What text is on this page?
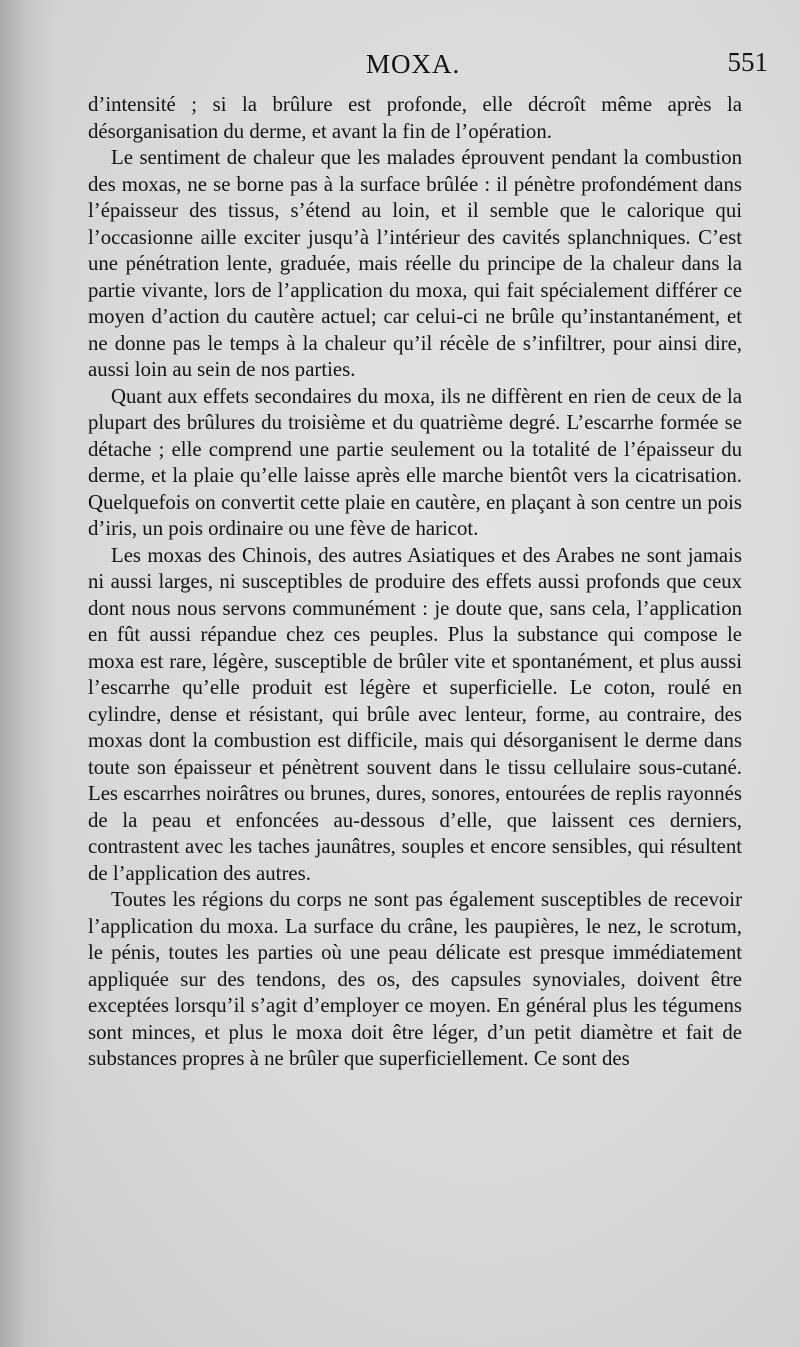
MOXA.	551

d’intensité ; si la brûlure est profonde, elle décroît même après la désorganisation du derme, et avant la fin de l’opération.

Le sentiment de chaleur que les malades éprouvent pendant la combustion des moxas, ne se borne pas à la surface brûlée : il pénètre profondément dans l’épaisseur des tissus, s’étend au loin, et il semble que le calorique qui l’occasionne aille exciter jusqu’à l’intérieur des cavités splanchniques. C’est une pénétration lente, graduée, mais réelle du principe de la chaleur dans la partie vivante, lors de l’application du moxa, qui fait spécialement différer ce moyen d’action du cautère actuel; car celui-ci ne brûle qu’instantanément, et ne donne pas le temps à la chaleur qu’il récèle de s’infiltrer, pour ainsi dire, aussi loin au sein de nos parties.

Quant aux effets secondaires du moxa, ils ne diffèrent en rien de ceux de la plupart des brûlures du troisième et du quatrième degré. L’escarrhe formée se détache ; elle comprend une partie seulement ou la totalité de l’épaisseur du derme, et la plaie qu’elle laisse après elle marche bientôt vers la cicatrisation. Quelquefois on convertit cette plaie en cautère, en plaçant à son centre un pois d’iris, un pois ordinaire ou une fève de haricot.

Les moxas des Chinois, des autres Asiatiques et des Arabes ne sont jamais ni aussi larges, ni susceptibles de produire des effets aussi profonds que ceux dont nous nous servons communément : je doute que, sans cela, l’application en fût aussi répandue chez ces peuples. Plus la substance qui compose le moxa est rare, légère, susceptible de brûler vite et spontanément, et plus aussi l’escarrhe qu’elle produit est légère et superficielle. Le coton, roulé en cylindre, dense et résistant, qui brûle avec lenteur, forme, au contraire, des moxas dont la combustion est difficile, mais qui désorganisent le derme dans toute son épaisseur et pénètrent souvent dans le tissu cellulaire sous-cutané. Les escarrhes noirâtres ou brunes, dures, sonores, entourées de replis rayonnés de la peau et enfoncées au-dessous d’elle, que laissent ces derniers, contrastent avec les taches jaunâtres, souples et encore sensibles, qui résultent de l’application des autres.

Toutes les régions du corps ne sont pas également susceptibles de recevoir l’application du moxa. La surface du crâne, les paupières, le nez, le scrotum, le pénis, toutes les parties où une peau délicate est presque immédiatement appliquée sur des tendons, des os, des capsules synoviales, doivent être exceptées lorsqu’il s’agit d’employer ce moyen. En général plus les tégumens sont minces, et plus le moxa doit être léger, d’un petit diamètre et fait de substances propres à ne brûler que superficiellement. Ce sont des
